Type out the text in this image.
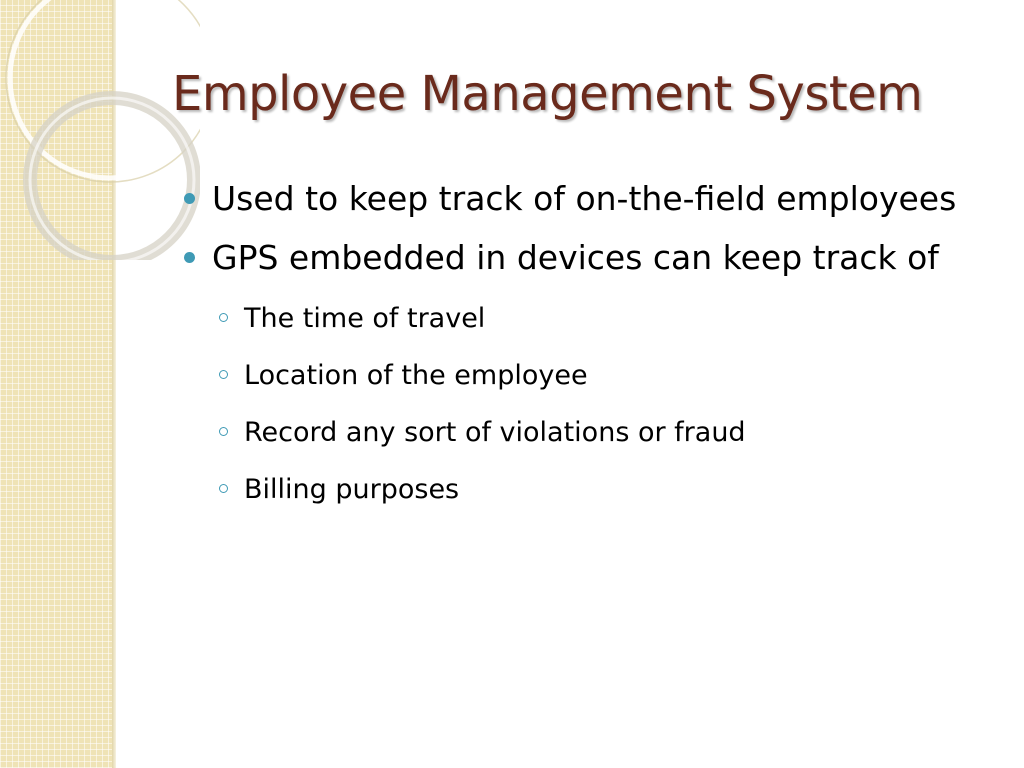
Employee Management System
Used to keep track of on-the-field employees
GPS embedded in devices can keep track of
The time of travel
Location of the employee
Record any sort of violations or fraud
Billing purposes
